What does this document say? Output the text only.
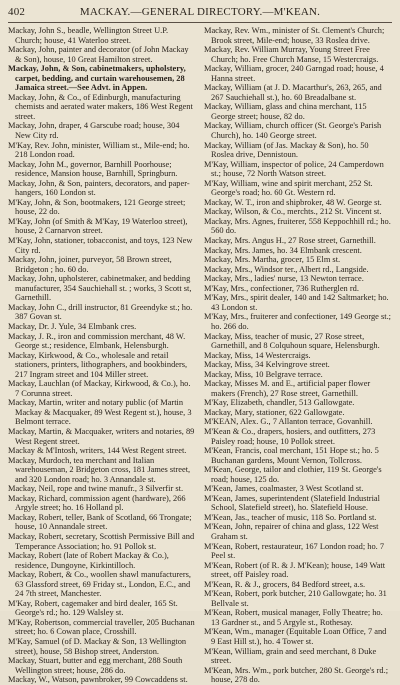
402	MACKAY.—GENERAL DIRECTORY.—M'KEAN.

Mackay, John S., beadle, Wellington Street U.P. Church; house, 41 Waterloo street.

Mackay, John, painter and decorator (of John Mackay & Son), house, 10 Great Hamilton street.

Mackay, John, & Son, cabinetmakers, upholstery, carpet, bedding, and curtain warehousemen, 28 Jamaica street.—See Advt. in Appen.

Mackay, John, & Co., of Edinburgh, manufacturing chemists and aerated water makers, 186 West Regent street.

Mackay, John, draper, 4 Garscube road; house, 304 New City rd.

M'Kay, Rev. John, minister, William st., Mile-end; ho. 218 London road.

Mackay, John M., governor, Barnhill Poorhouse; residence, Mansion house, Barnhill, Springburn.

Mackay, John, & Son, painters, decorators, and paper-hangers, 160 London st.

M'Kay, John, & Son, bootmakers, 121 George street; house, 22 do.

M'Kay, John (of Smith & M'Kay, 19 Waterloo street), house, 2 Carnarvon street.

M'Kay, John, stationer, tobacconist, and toys, 123 New City rd.

Mackay, John, joiner, purveyor, 58 Brown street, Bridgeton ; ho. 60 do.

Mackay, John, upholsterer, cabinetmaker, and bedding manufacturer, 354 Sauchiehall st. ; works, 3 Scott st, Garnethill.

Mackay, John C., drill instructor, 81 Greendyke st.; ho. 387 Govan st.

Mackay, Dr. J. Yule, 34 Elmbank cres.

Mackay, J. R., iron and commission merchant, 48 W. George st.; residence, Elmbank, Helensburgh.

Mackay, Kirkwood, & Co., wholesale and retail stationers, printers, lithographers, and bookbinders, 217 Ingram street and 104 Miller street.

Mackay, Lauchlan (of Mackay, Kirkwood, & Co.), ho. 7 Corunna street.

Mackay, Martin, writer and notary public (of Martin Mackay & Macquaker, 89 West Regent st.), house, 3 Belmont terrace.

Mackay, Martin, & Macquaker, writers and notaries, 89 West Regent street.

Mackay & M'Intosh, writers, 144 West Regent street.

Mackay, Murdoch, tea merchant and Italian warehouseman, 2 Bridgeton cross, 181 James street, and 320 London road; ho. 3 Annandale st.

Mackay, Neil, rope and twine manufr., 3 Silverfir st.

Mackay, Richard, commission agent (hardware), 266 Argyle street; ho. 16 Holland pl.

Mackay, Robert, teller, Bank of Scotland, 66 Trongate; house, 10 Annandale street.

Mackay, Robert, secretary, Scottish Permissive Bill and Temperance Association; ho. 91 Pollok st.

Mackay, Robert (late of Robert Mackay & Co.), residence, Dungoyne, Kirkintilloch.

Mackay, Robert, & Co., woollen shawl manufacturers, 63 Glassford street, 69 Friday st., London, E.C., and 24 7th street, Manchester.

M'Kay, Robert, cagemaker and bird dealer, 165 St. George's rd.; ho. 129 Walsley st.

M'Kay, Robertson, commercial traveller, 205 Buchanan street; ho. 6 Cowan place, Crosshill.

M'Kay, Samuel (of D. Mackay & Son, 13 Wellington street), house, 58 Bishop street, Anderston.

Mackay, Stuart, butter and egg merchant, 288 South Wellington street; house, 286 do.

Mackay, W., Watson, pawnbroker, 99 Cowcaddens st.

Mackay, Rev. Wm., minister of St. Clement's Church; Brook street, Mile-end; house, 33 Roslea drive.

Mackay, Rev. William Murray, Young Street Free Church; ho. Free Church Manse, 15 Westercraigs.

Mackay, William, grocer, 240 Garngad road; house, 4 Hanna street.

Mackay, William (at J. D. Macarthur's, 263, 265, and 267 Sauchiehall st.), ho. 60 Breadalbane st.

Mackay, William, glass and china merchant, 115 George street; house, 82 do.

Mackay, William, church officer (St. George's Parish Church), ho. 140 George street.

Mackay, William (of Jas. Mackay & Son), ho. 50 Roslea drive, Dennistoun.

M'Kay, William, inspector of police, 24 Camperdown st.; house, 72 North Watson street.

M'Kay, William, wine and spirit merchant, 252 St. George's road; ho. 60 Gt. Western rd.

Mackay, W. T., iron and shipbroker, 48 W. George st.

Mackay, Wilson, & Co., merchts., 212 St. Vincent st.

Mackay, Mrs. Agnes, fruiterer, 558 Keppochhill rd.; ho. 560 do.

Mackay, Mrs. Angus H., 27 Rose street, Garnethill.

Mackay, Mrs. James, ho. 34 Elmbank crescent.

Mackay, Mrs. Martha, grocer, 15 Elm st.

Mackay, Mrs., Windsor ter., Albert rd., Langside.

Mackay, Mrs., ladies' nurse, 13 Newton terrace.

M'Kay, Mrs., confectioner, 736 Rutherglen rd.

M'Kay, Mrs., spirit dealer, 140 and 142 Saltmarket; ho. 43 London st.

M'Kay, Mrs., fruiterer and confectioner, 149 George st.; ho. 266 do.

Mackay, Miss, teacher of music, 27 Rose street, Garnethill, and 8 Colquhoun square, Helensburgh.

Mackay, Miss, 14 Westercraigs.

Mackay, Miss, 34 Kelvingrove street.

Mackay, Miss, 10 Belgrave terrace.

Mackay, Misses M. and E., artificial paper flower makers (French), 27 Rose street, Garnethill.

M'Kay, Elizabeth, chandler, 513 Gallowgate.

Mackay, Mary, stationer, 622 Gallowgate.

M'KEAN, Alex. G., 7 Allanton terrace, Govanhill.

M'Kean & Co., drapers, hosiers, and outfitters, 273 Paisley road; house, 10 Pollok street.

M'Kean, Francis, coal merchant, 151 Hope st.; ho. 5 Buchanan gardens, Mount Vernon, Tollcross.

M'Kean, George, tailor and clothier, 119 St. George's road; house, 125 do.

M'Kean, James, coalmaster, 3 West Scotland st.

M'Kean, James, superintendent (Slatefield Industrial School, Slatefield street), ho. Slatefield House.

M'Kean, Jas., teacher of music, 118 So. Portland st.

M'Kean, John, repairer of china and glass, 122 West Graham st.

M'Kean, Robert, restaurateur, 167 London road; ho. 7 Peel st.

M'Kean, Robert (of R. & J. M'Kean); house, 149 Watt street, off Paisley road.

M'Kean, R. & J., grocers, 84 Bedford street, a.s.

M'Kean, Robert, pork butcher, 210 Gallowgate; ho. 31 Bellvale st.

M'Kean, Robert, musical manager, Folly Theatre; ho. 13 Gardner st., and 5 Argyle st., Rothesay.

M'Kean, Wm., manager (Equitable Loan Office, 7 and 9 East Hill st.), ho. 4 Tower st.

M'Kean, William, grain and seed merchant, 8 Duke street.

M'Kean, Mrs. Wm., pork butcher, 280 St. George's rd.; house, 278 do.
